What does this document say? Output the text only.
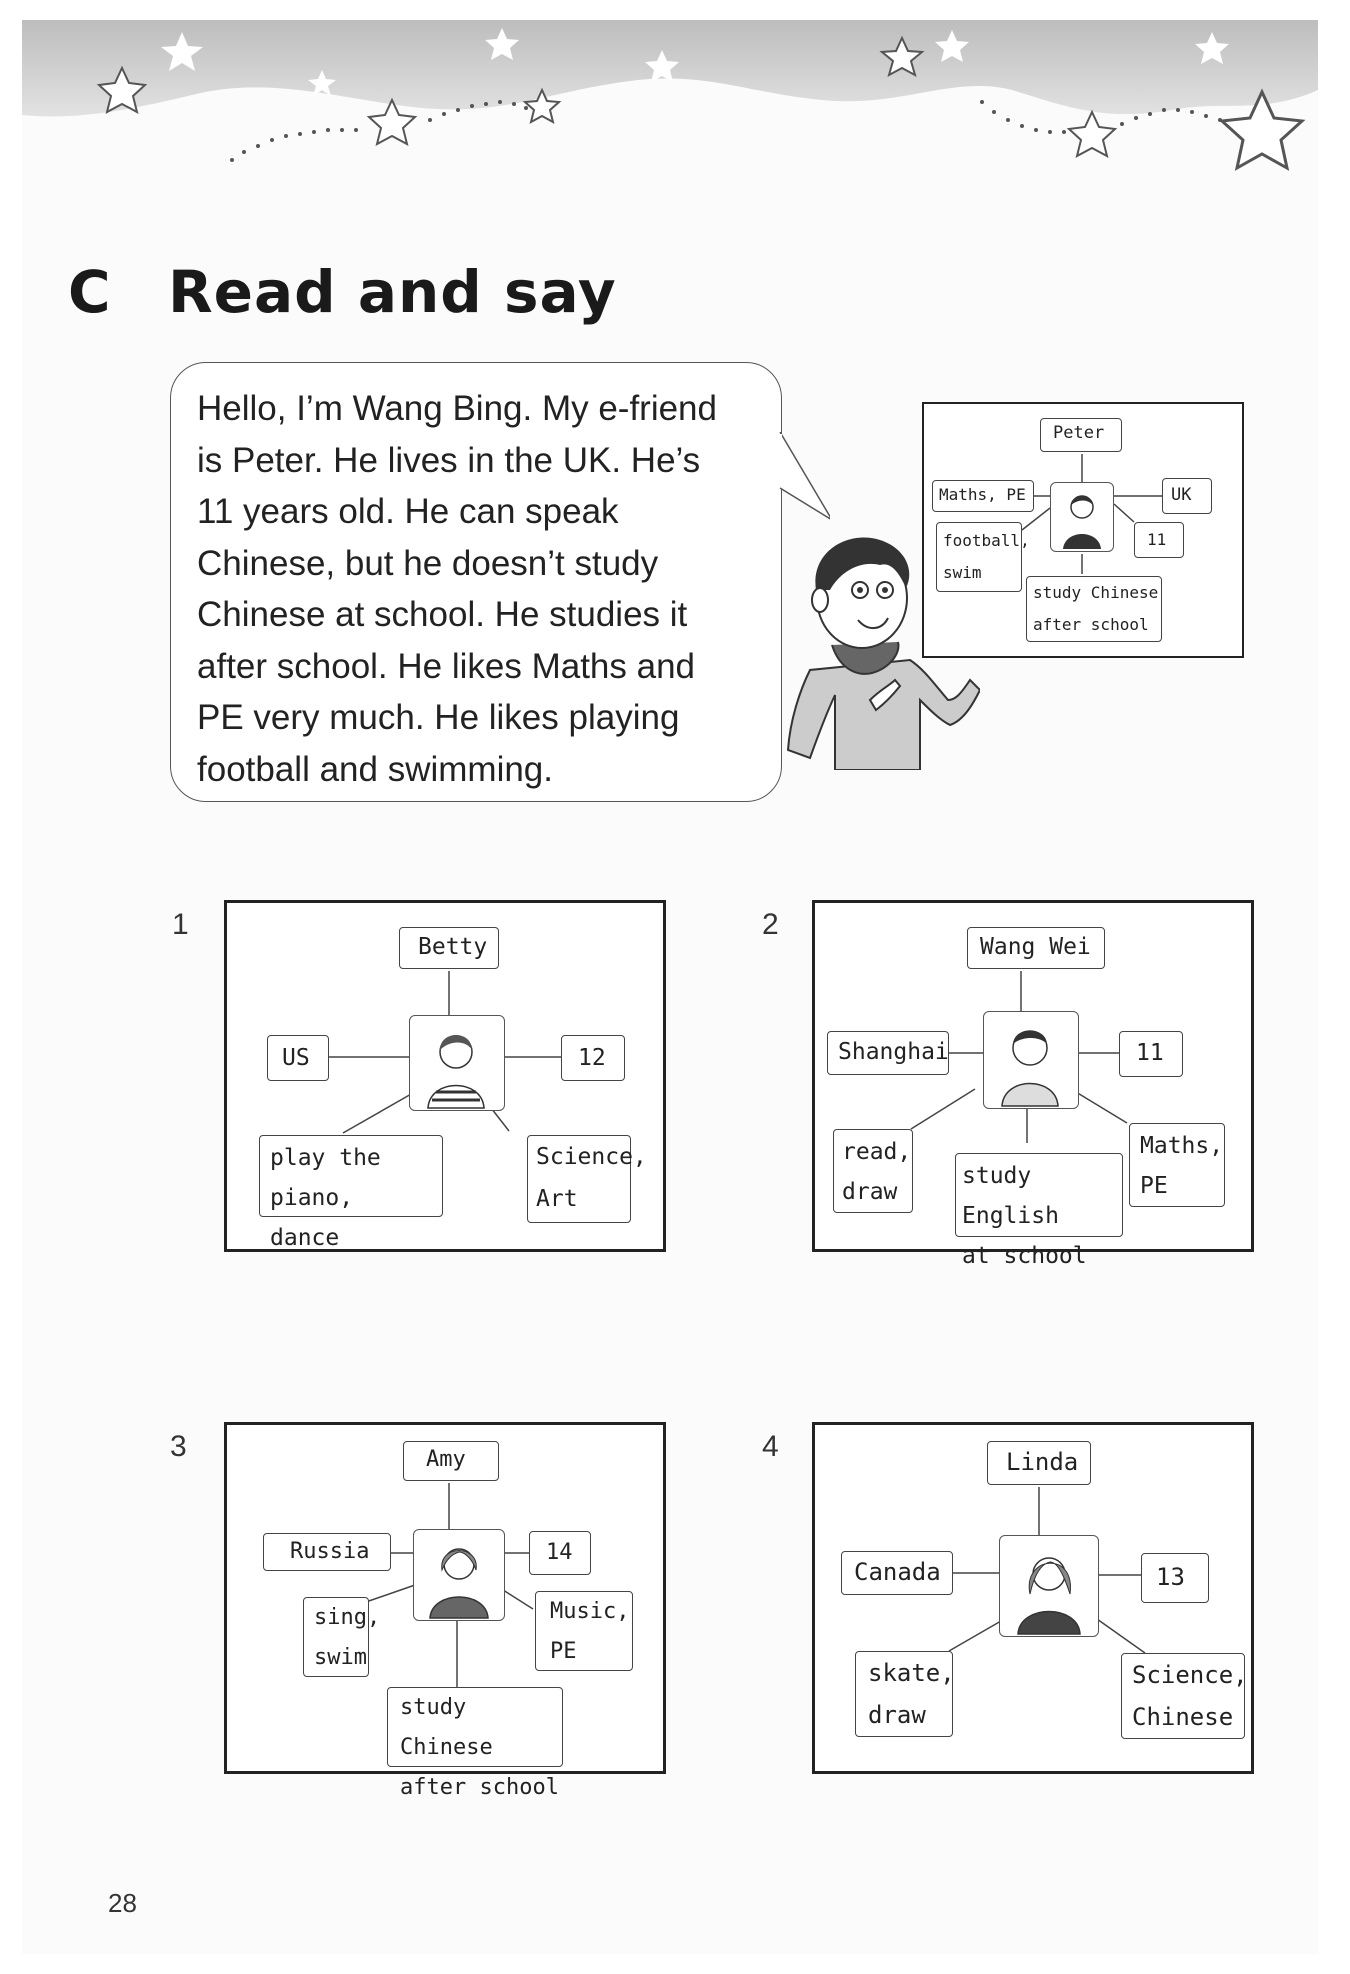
C Read and say

Hello, I’m Wang Bing. My e-friend

is Peter. He lives in the UK. He’s

11 years old. He can speak

Chinese, but he doesn’t study

Chinese at school. He studies it

after school. He likes Maths and

PE very much. He likes playing

football and swimming.

Peter
Maths, PE	UK
football,
swim
11
study Chinese
after school
1
Betty
US	12
play the piano,
dance
Science,
Art
2
Wang Wei
Shanghai	11
read,
draw
study English
at school
Maths,
PE
3	Amy
Russia	14
sing,
swim
Music,
PE
study Chinese
after school
4	Linda
Canada	13
skate,
draw
Science,
Chinese
28
